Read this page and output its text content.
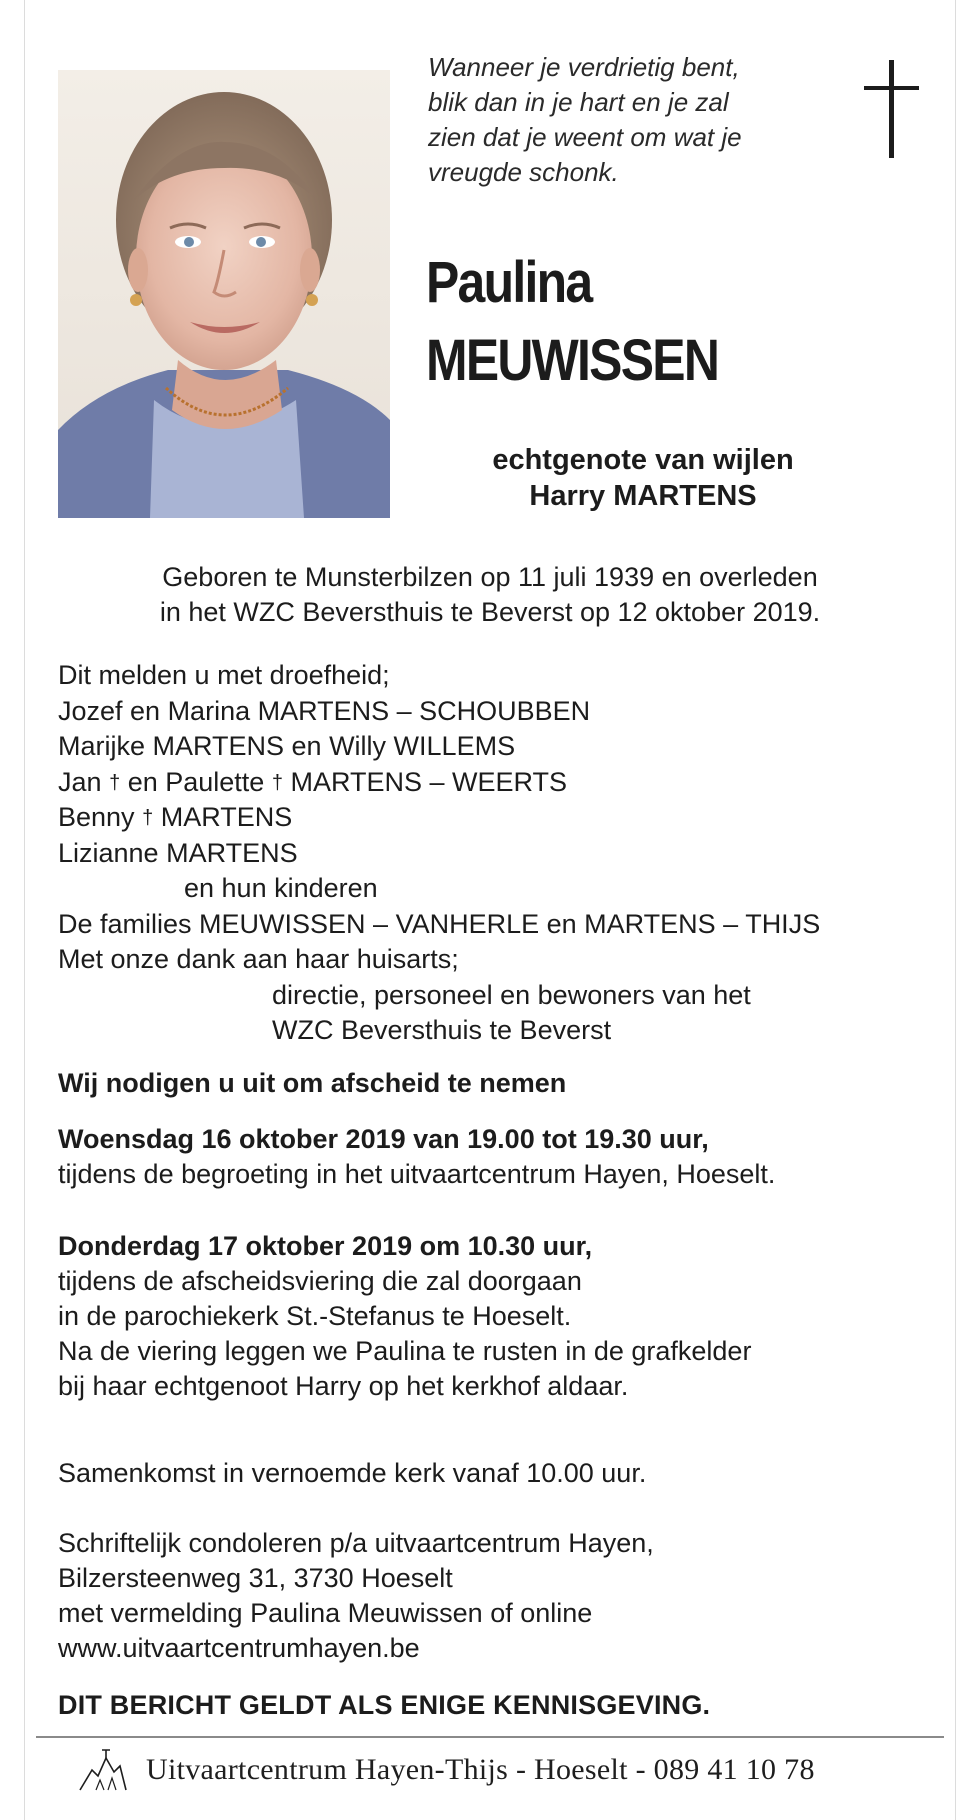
Wanneer je verdrietig bent,
blik dan in je hart en je zal
zien dat je weent om wat je
vreugde schonk.
Paulina
MEUWISSEN
echtgenote van wijlen
Harry MARTENS
Geboren te Munsterbilzen op 11 juli 1939 en overleden
in het WZC Beversthuis te Beverst op 12 oktober 2019.
Dit melden u met droefheid;
Jozef en Marina MARTENS – SCHOUBBEN
Marijke MARTENS en Willy WILLEMS
Jan † en Paulette † MARTENS – WEERTS
Benny † MARTENS
Lizianne MARTENS
en hun kinderen
De families MEUWISSEN – VANHERLE en MARTENS – THIJS
Met onze dank aan haar huisarts;
directie, personeel en bewoners van het
WZC Beversthuis te Beverst
Wij nodigen u uit om afscheid te nemen
Woensdag 16 oktober 2019 van 19.00 tot 19.30 uur,
tijdens de begroeting in het uitvaartcentrum Hayen, Hoeselt.
Donderdag 17 oktober 2019 om 10.30 uur,
tijdens de afscheidsviering die zal doorgaan
in de parochiekerk St.-Stefanus te Hoeselt.
Na de viering leggen we Paulina te rusten in de grafkelder
bij haar echtgenoot Harry op het kerkhof aldaar.
Samenkomst in vernoemde kerk vanaf 10.00 uur.
Schriftelijk condoleren p/a uitvaartcentrum Hayen,
Bilzersteenweg 31, 3730 Hoeselt
met vermelding Paulina Meuwissen of online
www.uitvaartcentrumhayen.be
DIT BERICHT GELDT ALS ENIGE KENNISGEVING.
Uitvaartcentrum Hayen-Thijs - Hoeselt - 089 41 10 78
